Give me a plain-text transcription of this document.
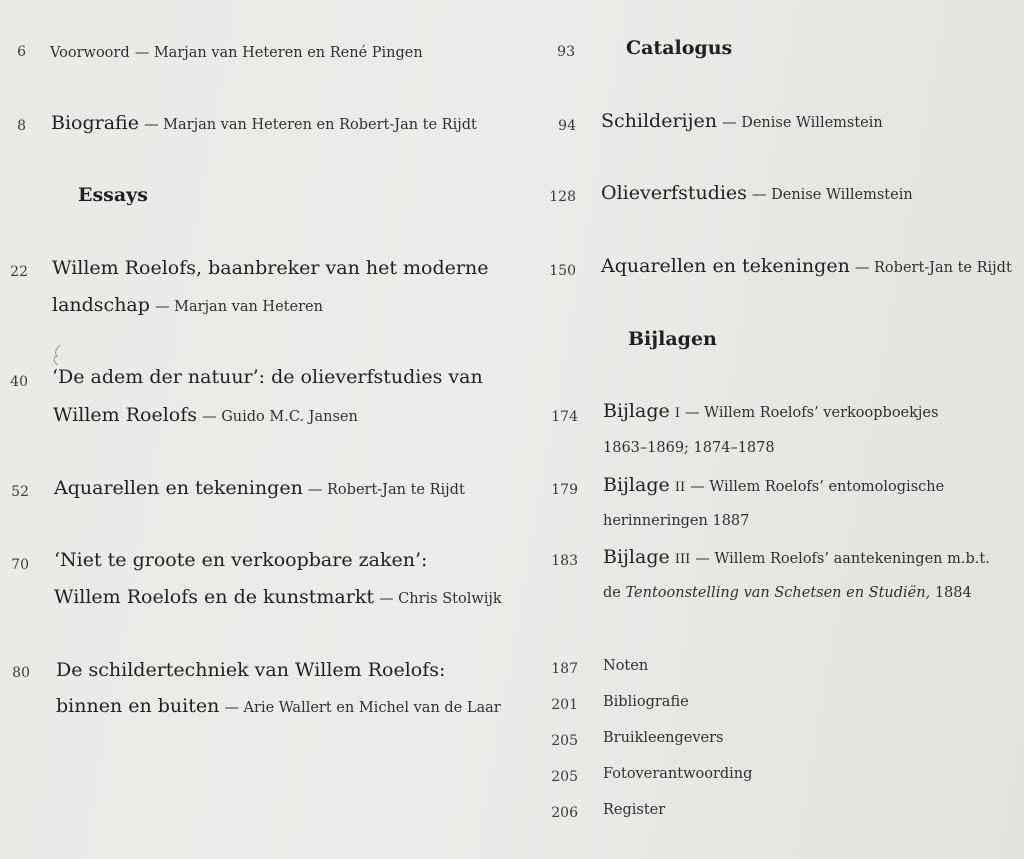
6 Voorwoord — Marjan van Heteren en René Pingen
8 Biografie — Marjan van Heteren en Robert-Jan te Rijdt
Essays
22 Willem Roelofs, baanbreker van het moderne
landschap — Marjan van Heteren
40 ‘De adem der natuur’: de olieverfstudies van
Willem Roelofs — Guido M.C. Jansen
52 Aquarellen en tekeningen — Robert-Jan te Rijdt
70 ‘Niet te groote en verkoopbare zaken’:
Willem Roelofs en de kunstmarkt — Chris Stolwijk
80 De schildertechniek van Willem Roelofs:
binnen en buiten — Arie Wallert en Michel van de Laar
93	Catalogus
94 Schilderijen — Denise Willemstein
128 Olieverfstudies — Denise Willemstein
150 Aquarellen en tekeningen — Robert-Jan te Rijdt
Bijlagen
174 Bijlage i — Willem Roelofs’ verkoopboekjes
1863–1869; 1874–1878
179 Bijlage ii — Willem Roelofs’ entomologische
herinneringen 1887
183 Bijlage iii — Willem Roelofs’ aantekeningen m.b.t.
de Tentoonstelling van Schetsen en Studiën, 1884
187 Noten
201 Bibliografie
205 Bruikleengevers
205 Fotoverantwoording
206 Register
